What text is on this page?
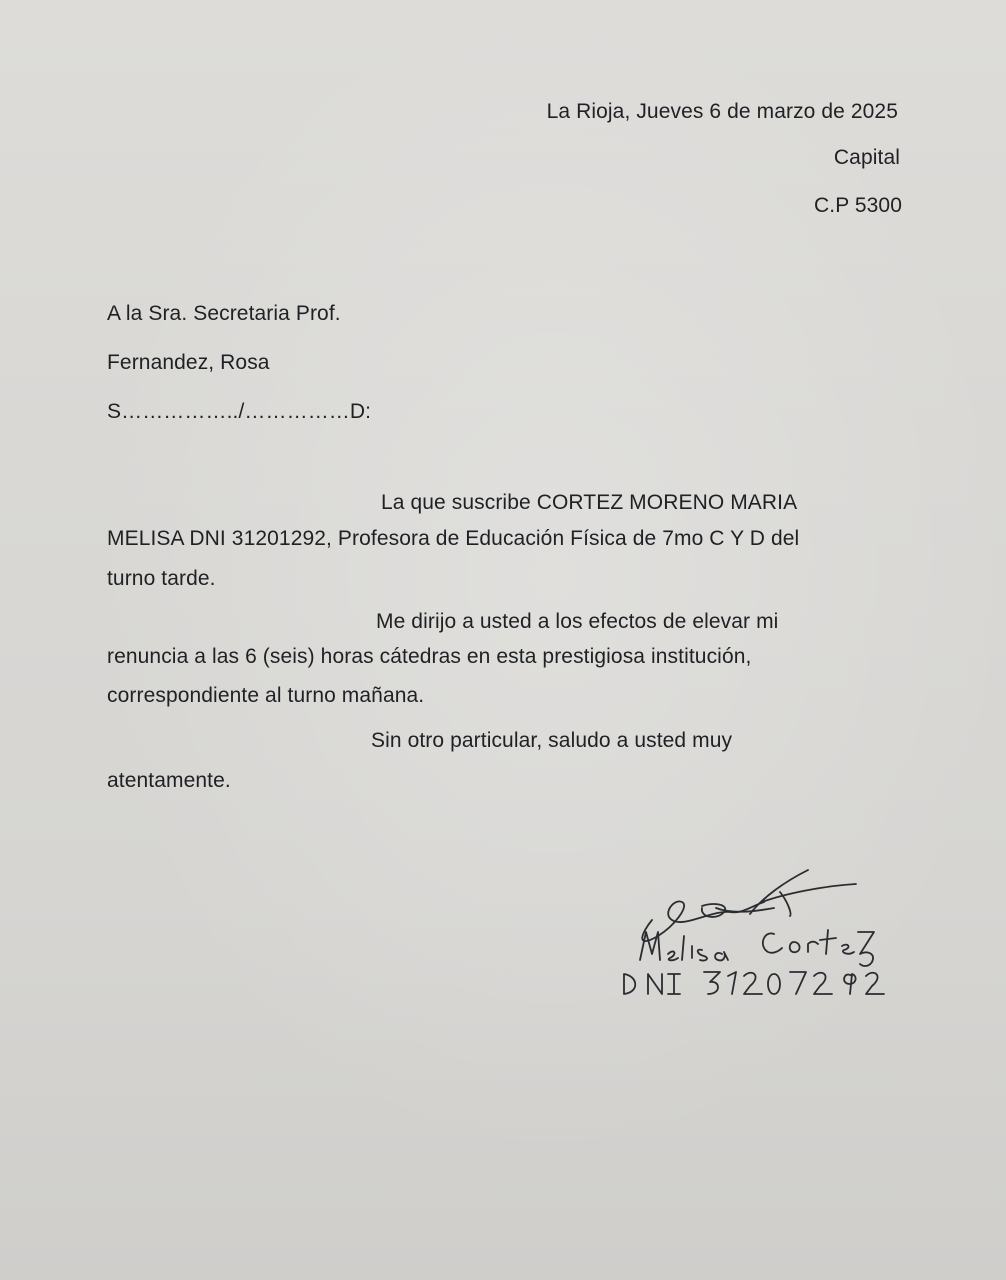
La Rioja, Jueves 6 de marzo de 2025
Capital
C.P 5300
A la Sra. Secretaria Prof.
Fernandez, Rosa
S……………../……………D:
La que suscribe CORTEZ MORENO MARIA
MELISA DNI 31201292, Profesora de Educación Física de 7mo C Y D del
turno tarde.
Me dirijo a usted a los efectos de elevar mi
renuncia a las 6 (seis) horas cátedras en esta prestigiosa institución,
correspondiente al turno mañana.
Sin otro particular, saludo a usted muy
atentamente.
